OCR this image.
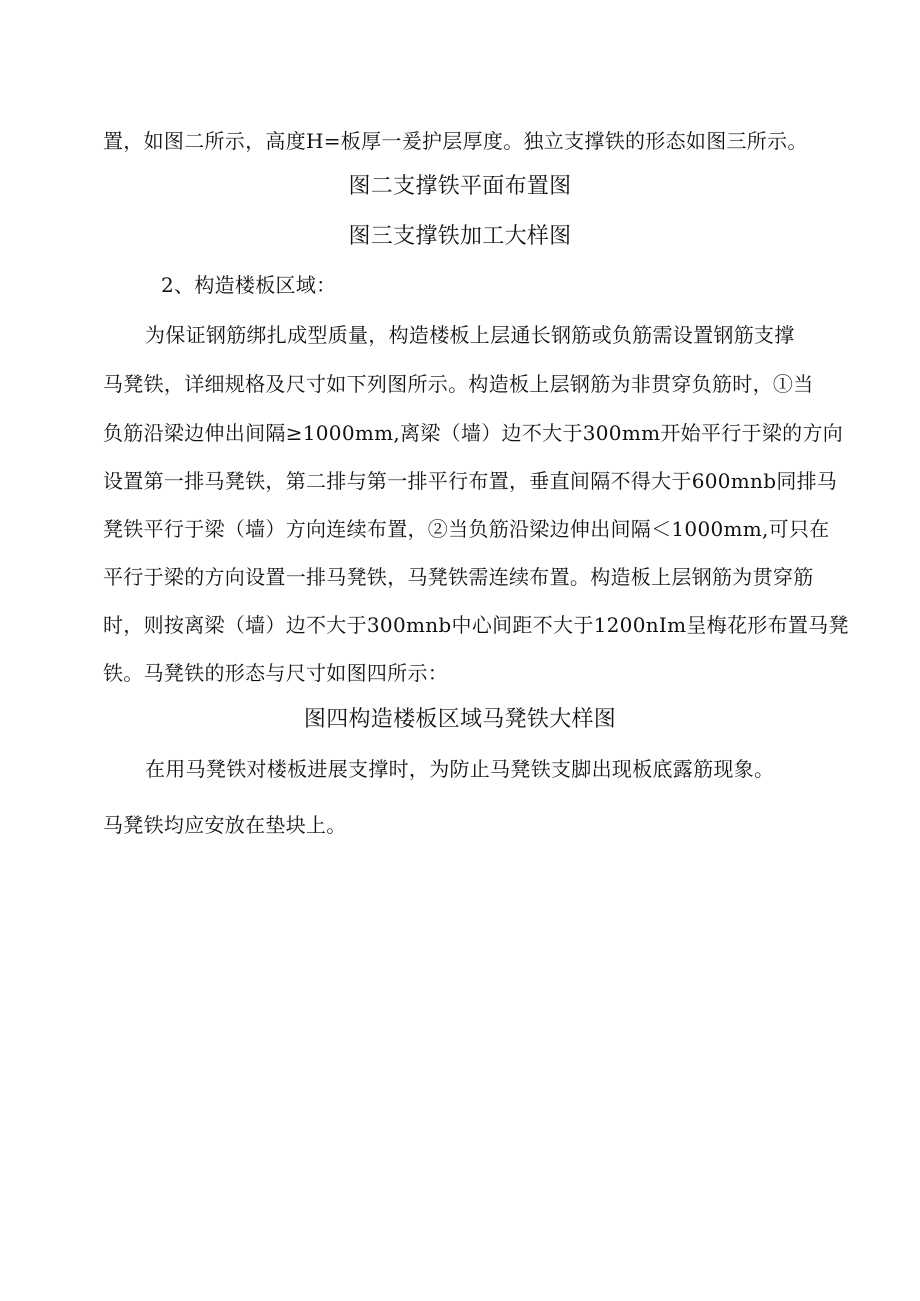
置，如图二所示，高度H=板厚一爰护层厚度。独立支撑铁的形态如图三所示。
图二支撑铁平面布置图
图三支撑铁加工大样图
2、构造楼板区域：
为保证钢筋绑扎成型质量，构造楼板上层通长钢筋或负筋需设置钢筋支撑
马凳铁，详细规格及尺寸如下列图所示。构造板上层钢筋为非贯穿负筋时，①当
负筋沿梁边伸出间隔≥1000mm,离梁（墙）边不大于300mm开始平行于梁的方向
设置第一排马凳铁，第二排与第一排平行布置，垂直间隔不得大于600mnb同排马
凳铁平行于梁（墙）方向连续布置，②当负筋沿梁边伸出间隔＜1000mm,可只在
平行于梁的方向设置一排马凳铁，马凳铁需连续布置。构造板上层钢筋为贯穿筋
时，则按离梁（墙）边不大于300mnb中心间距不大于1200nIm呈梅花形布置马凳
铁。马凳铁的形态与尺寸如图四所示：
图四构造楼板区域马凳铁大样图
在用马凳铁对楼板进展支撑时，为防止马凳铁支脚出现板底露筋现象。
马凳铁均应安放在垫块上。
